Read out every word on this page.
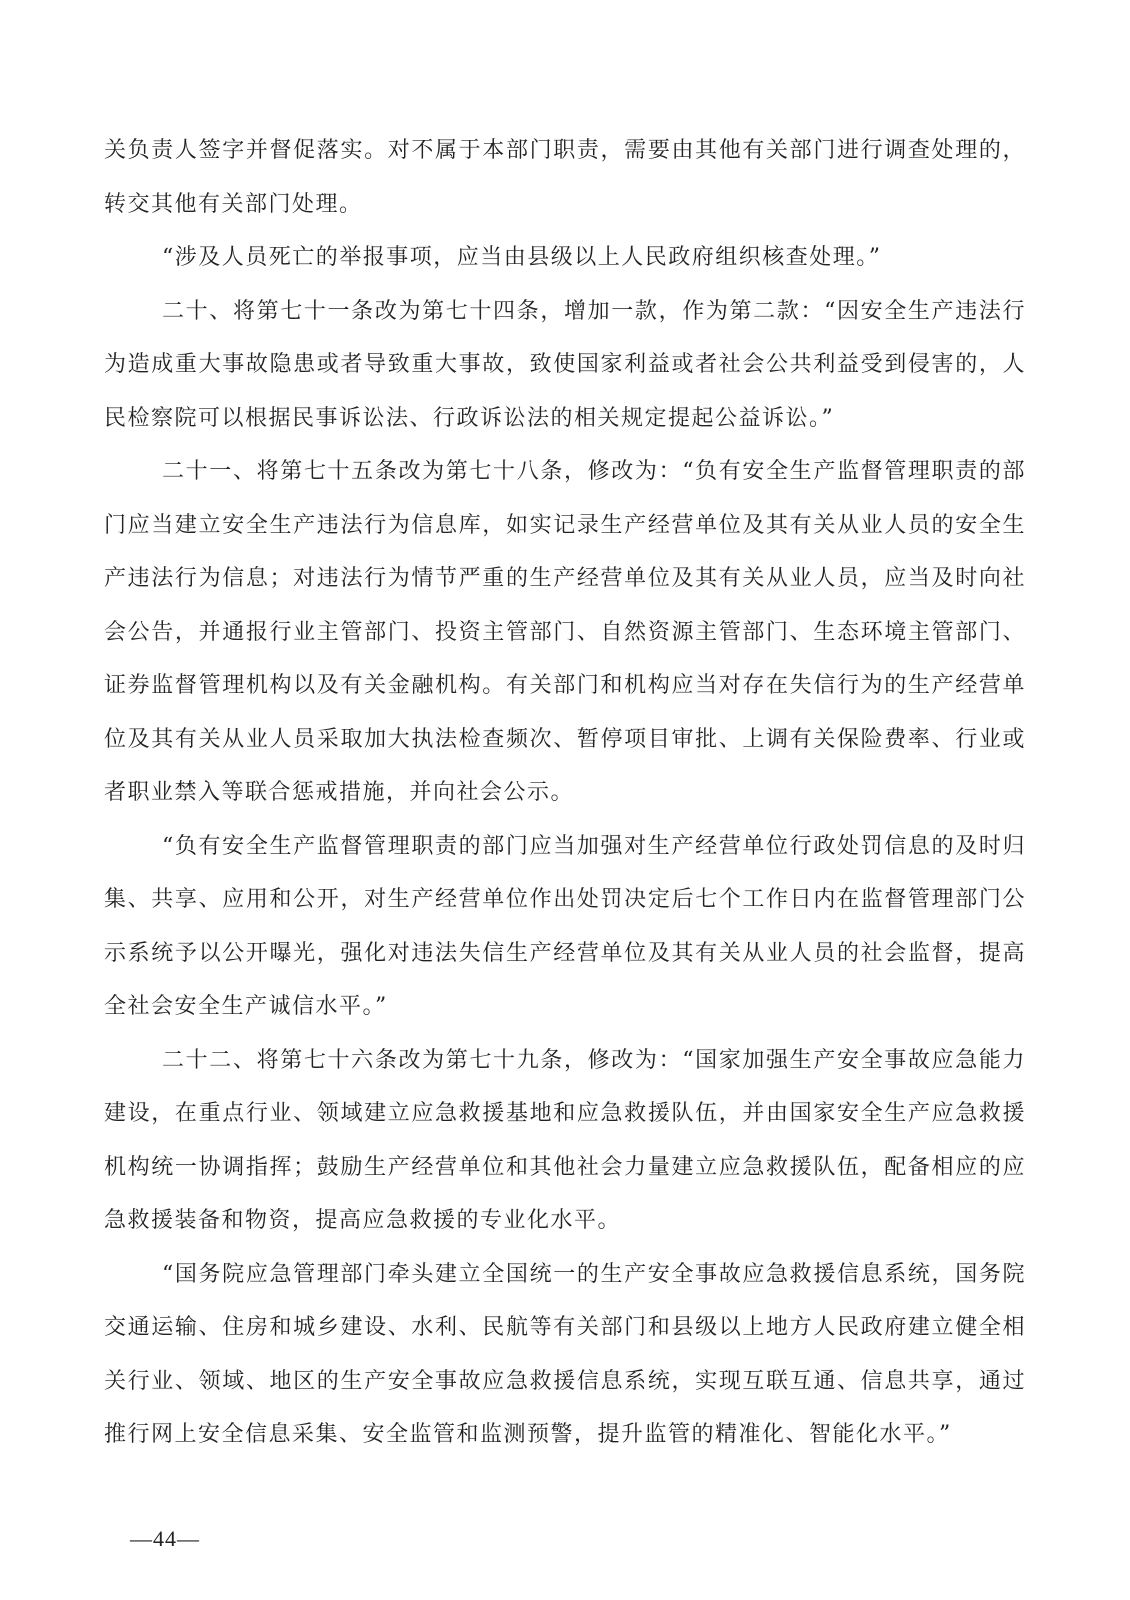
关负责人签字并督促落实。对不属于本部门职责，需要由其他有关部门进行调查处理的，转交其他有关部门处理。

“涉及人员死亡的举报事项，应当由县级以上人民政府组织核查处理。”

二十、将第七十一条改为第七十四条，增加一款，作为第二款：“因安全生产违法行为造成重大事故隐患或者导致重大事故，致使国家利益或者社会公共利益受到侵害的，人民检察院可以根据民事诉讼法、行政诉讼法的相关规定提起公益诉讼。”

二十一、将第七十五条改为第七十八条，修改为：“负有安全生产监督管理职责的部门应当建立安全生产违法行为信息库，如实记录生产经营单位及其有关从业人员的安全生产违法行为信息；对违法行为情节严重的生产经营单位及其有关从业人员，应当及时向社会公告，并通报行业主管部门、投资主管部门、自然资源主管部门、生态环境主管部门、证券监督管理机构以及有关金融机构。有关部门和机构应当对存在失信行为的生产经营单位及其有关从业人员采取加大执法检查频次、暂停项目审批、上调有关保险费率、行业或者职业禁入等联合惩戒措施，并向社会公示。

“负有安全生产监督管理职责的部门应当加强对生产经营单位行政处罚信息的及时归集、共享、应用和公开，对生产经营单位作出处罚决定后七个工作日内在监督管理部门公示系统予以公开曝光，强化对违法失信生产经营单位及其有关从业人员的社会监督，提高全社会安全生产诚信水平。”

二十二、将第七十六条改为第七十九条，修改为：“国家加强生产安全事故应急能力建设，在重点行业、领域建立应急救援基地和应急救援队伍，并由国家安全生产应急救援机构统一协调指挥；鼓励生产经营单位和其他社会力量建立应急救援队伍，配备相应的应急救援装备和物资，提高应急救援的专业化水平。

“国务院应急管理部门牵头建立全国统一的生产安全事故应急救援信息系统，国务院交通运输、住房和城乡建设、水利、民航等有关部门和县级以上地方人民政府建立健全相关行业、领域、地区的生产安全事故应急救援信息系统，实现互联互通、信息共享，通过推行网上安全信息采集、安全监管和监测预警，提升监管的精准化、智能化水平。”

—44—
